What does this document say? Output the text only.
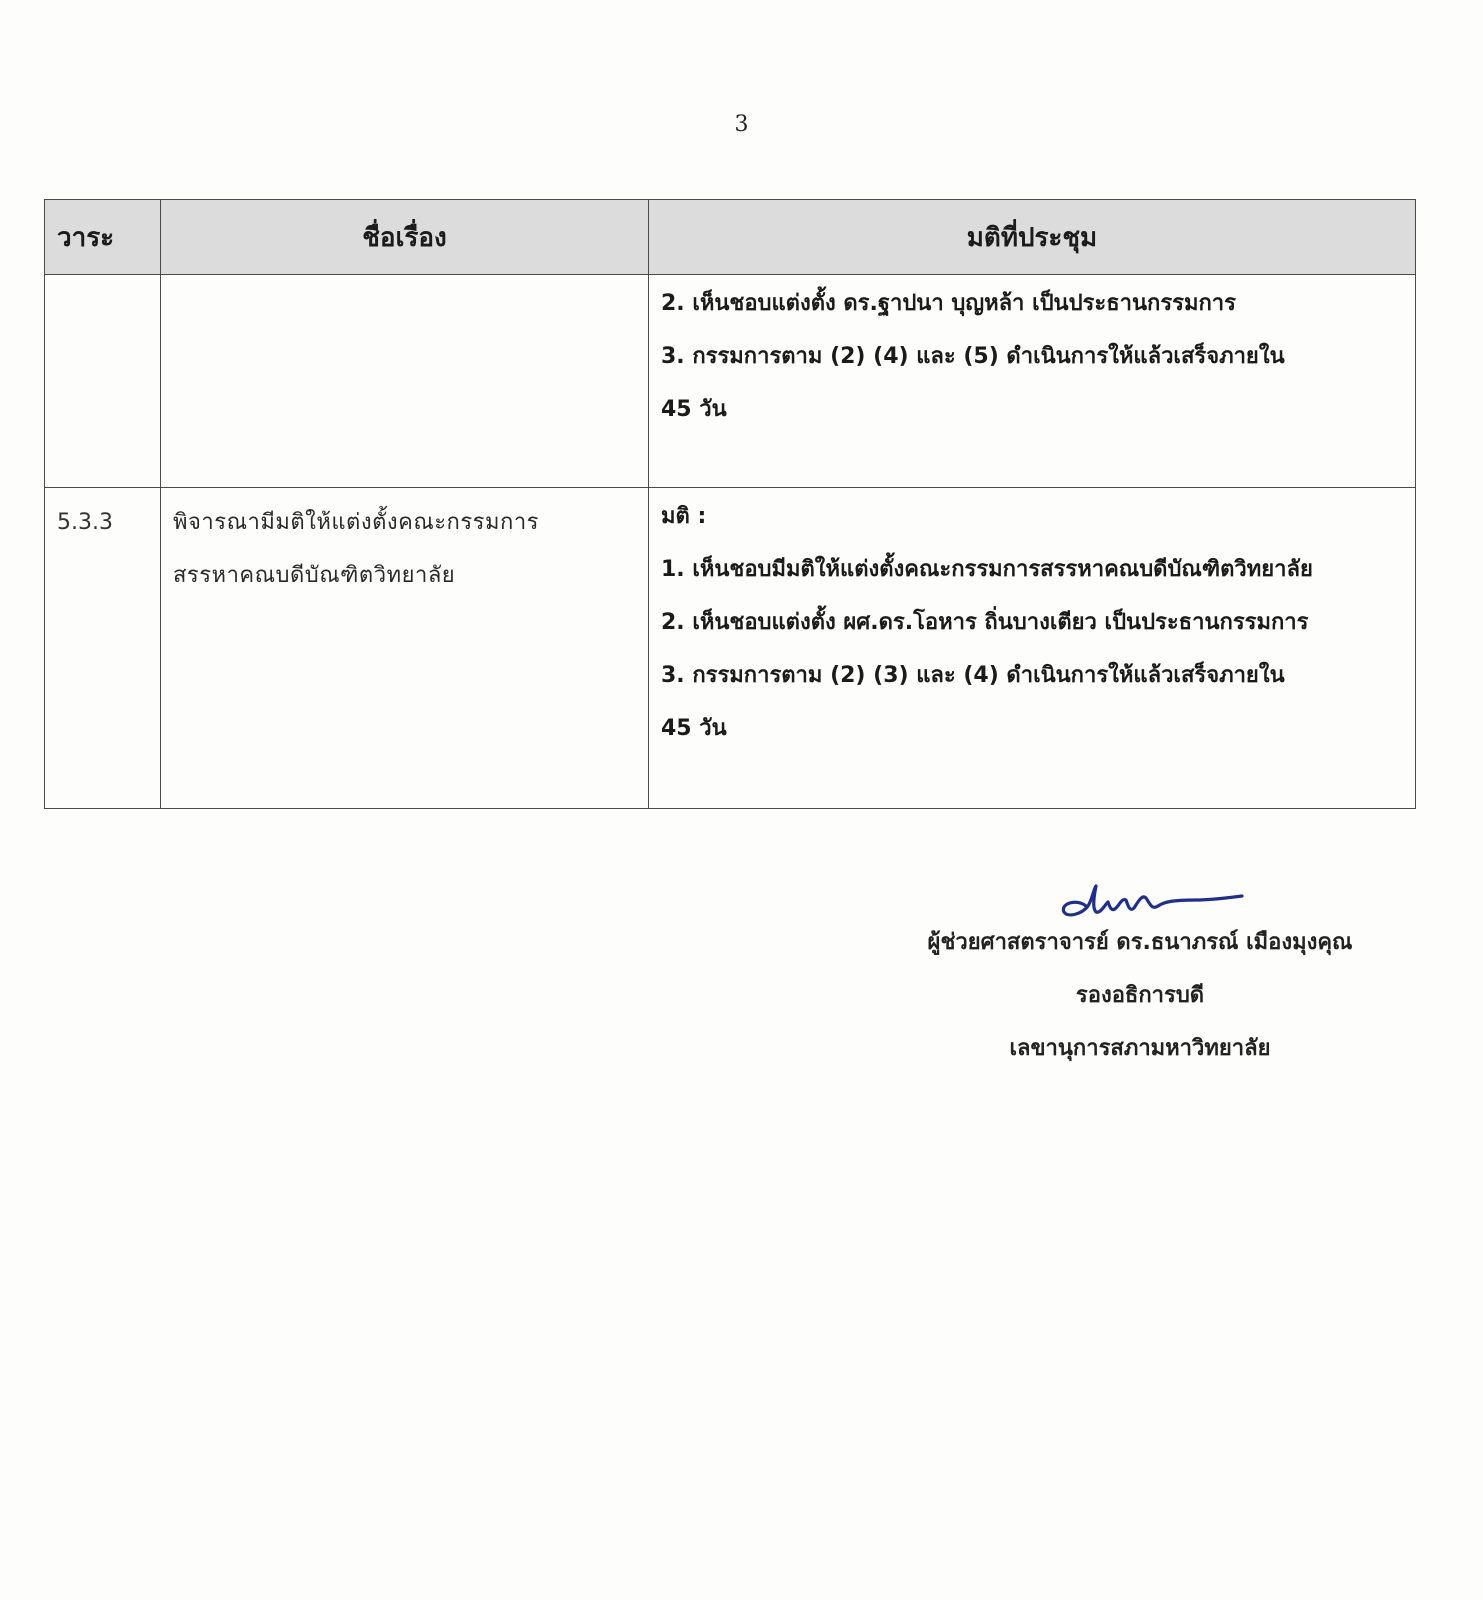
3
วาระ	ชื่อเรื่อง	มติที่ประชุม

		2. เห็นชอบแต่งตั้ง ดร.ฐาปนา บุญหล้า เป็นประธานกรรมการ
3. กรรมการตาม (2) (4) และ (5) ดำเนินการให้แล้วเสร็จภายใน
45 วัน

5.3.3	พิจารณามีมติให้แต่งตั้งคณะกรรมการ
สรรหาคณบดีบัณฑิตวิทยาลัย	มติ :
1. เห็นชอบมีมติให้แต่งตั้งคณะกรรมการสรรหาคณบดีบัณฑิตวิทยาลัย
2. เห็นชอบแต่งตั้ง ผศ.ดร.โอหาร ถิ่นบางเตียว เป็นประธานกรรมการ
3. กรรมการตาม (2) (3) และ (4) ดำเนินการให้แล้วเสร็จภายใน
45 วัน
ผู้ช่วยศาสตราจารย์ ดร.ธนาภรณ์ เมืองมุงคุณ
รองอธิการบดี
เลขานุการสภามหาวิทยาลัย
